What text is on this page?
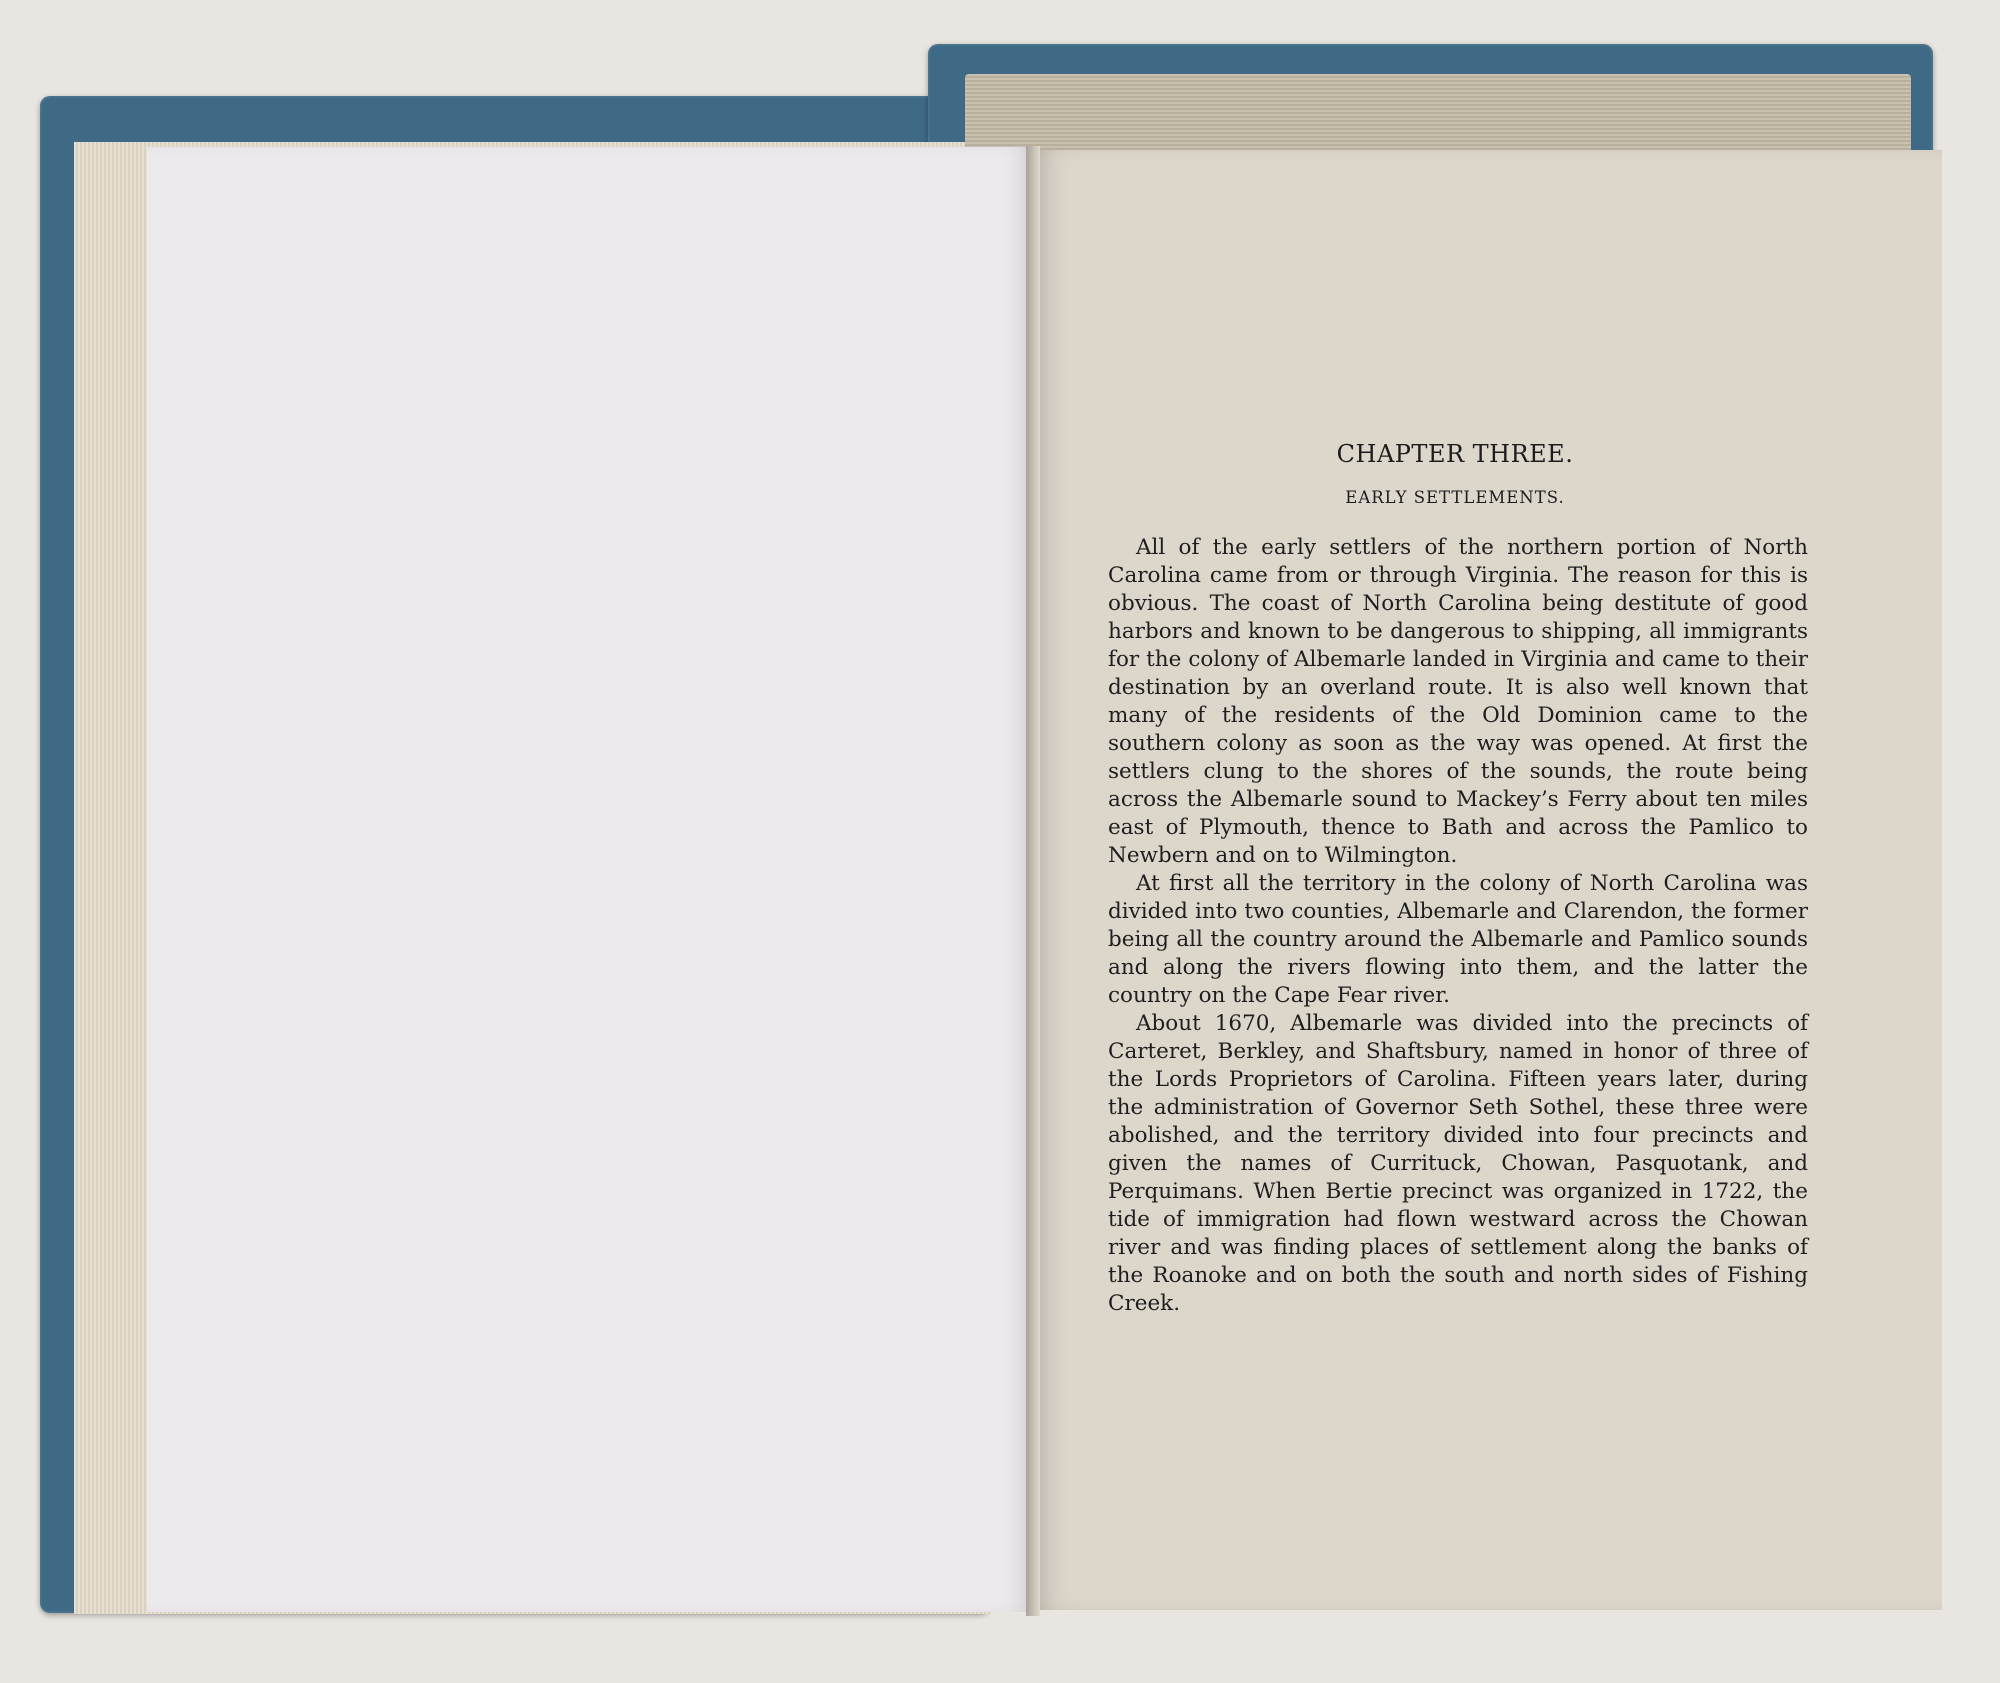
CHAPTER THREE.
EARLY SETTLEMENTS.

All of the early settlers of the northern portion of North Carolina came from or through Virginia. The reason for this is obvious. The coast of North Carolina being destitute of good harbors and known to be dangerous to shipping, all immigrants for the colony of Albemarle landed in Virginia and came to their destination by an overland route. It is also well known that many of the residents of the Old Dominion came to the southern colony as soon as the way was opened. At first the settlers clung to the shores of the sounds, the route being across the Albemarle sound to Mackey’s Ferry about ten miles east of Plymouth, thence to Bath and across the Pamlico to Newbern and on to Wilmington.

At first all the territory in the colony of North Carolina was divided into two counties, Albemarle and Clarendon, the former being all the country around the Albemarle and Pamlico sounds and along the rivers flowing into them, and the latter the country on the Cape Fear river.

About 1670, Albemarle was divided into the precincts of Carteret, Berkley, and Shaftsbury, named in honor of three of the Lords Proprietors of Carolina. Fifteen years later, during the administration of Governor Seth Sothel, these three were abolished, and the territory divided into four precincts and given the names of Currituck, Chowan, Pasquotank, and Perquimans. When Bertie precinct was organized in 1722, the tide of immigration had flown westward across the Chowan river and was finding places of settlement along the banks of the Roanoke and on both the south and north sides of Fishing Creek.
